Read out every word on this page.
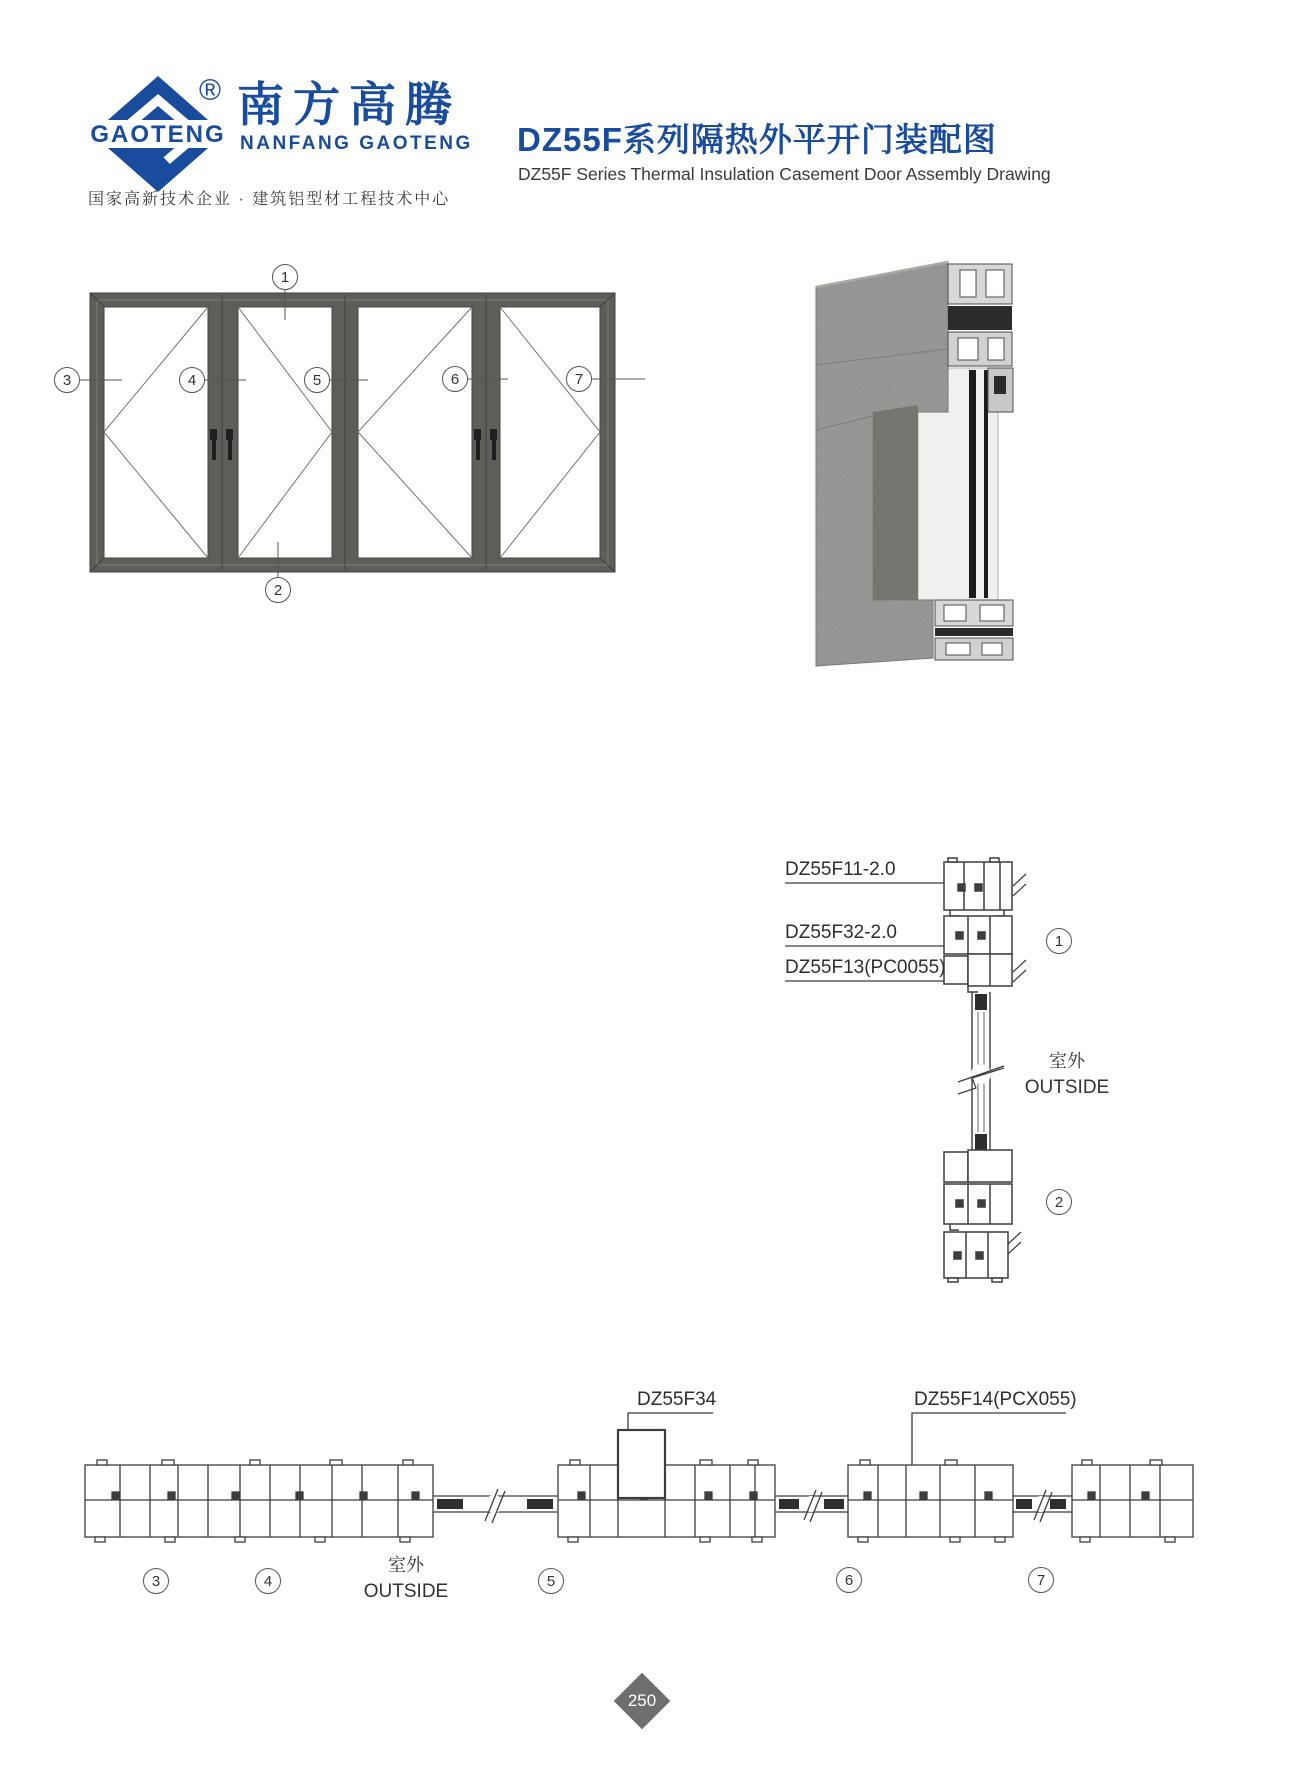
GAOTENG
® 南方高腾
NANFANG GAOTENG
国家高新技术企业 · 建筑铝型材工程技术中心
DZ55F系列隔热外平开门装配图
DZ55F Series Thermal Insulation Casement Door Assembly Drawing
1
2
3	4	5	6	7
DZ55F11-2.0
DZ55F32-2.0
DZ55F13(PC0055)
1
2
室外
OUTSIDE
DZ55F34	DZ55F14(PCX055)
3	4	5	6	7
室外
OUTSIDE
250
